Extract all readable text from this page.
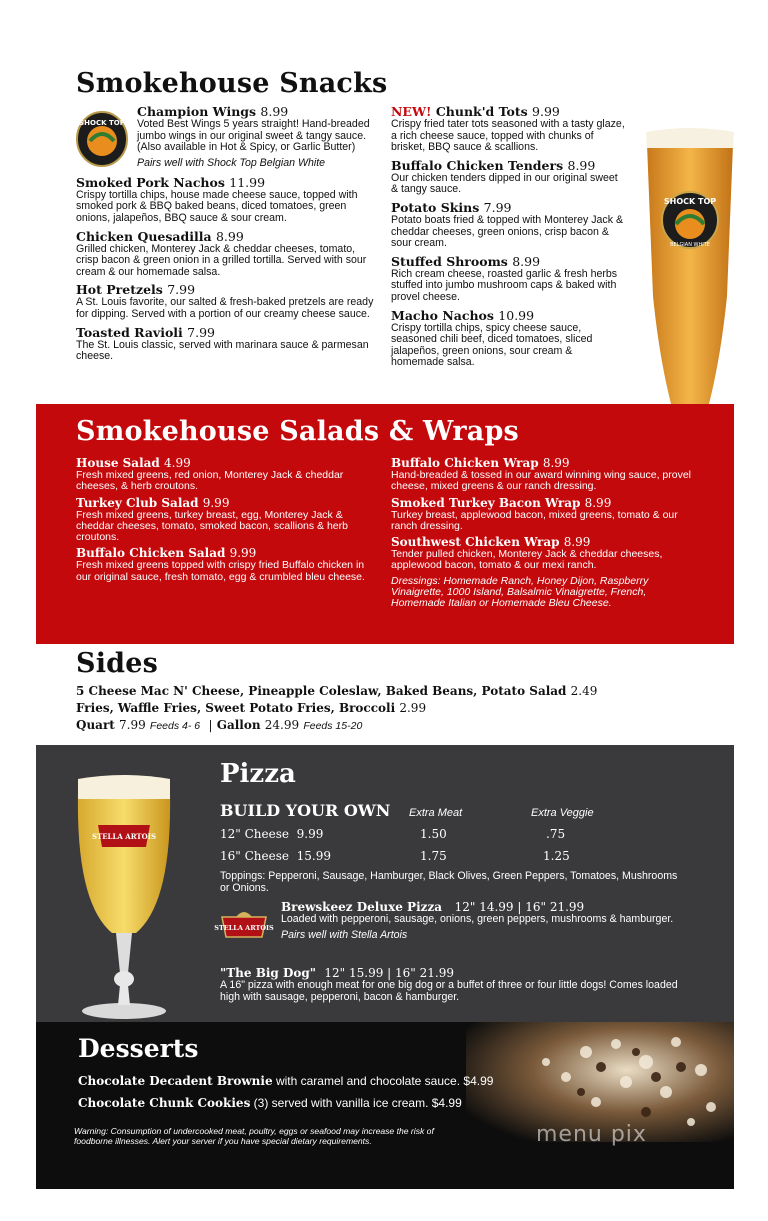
Smokehouse Snacks
SHOCK TOP
Champion Wings 8.99
Voted Best Wings 5 years straight! Hand-breaded jumbo wings in our original sweet & tangy sauce. (Also available in Hot & Spicy, or Garlic Butter)
Pairs well with Shock Top Belgian White
Smoked Pork Nachos 11.99
Crispy tortilla chips, house made cheese sauce, topped with smoked pork & BBQ baked beans, diced tomatoes, green onions, jalapeños, BBQ sauce & sour cream.
Chicken Quesadilla 8.99
Grilled chicken, Monterey Jack & cheddar cheeses, tomato, crisp bacon & green onion in a grilled tortilla. Served with sour cream & our homemade salsa.
Hot Pretzels 7.99
A St. Louis favorite, our salted & fresh-baked pretzels are ready for dipping. Served with a portion of our creamy cheese sauce.
Toasted Ravioli 7.99
The St. Louis classic, served with marinara sauce & parmesan cheese.
NEW! Chunk'd Tots 9.99
Crispy fried tater tots seasoned with a tasty glaze, a rich cheese sauce, topped with chunks of brisket, BBQ sauce & scallions.
Buffalo Chicken Tenders 8.99
Our chicken tenders dipped in our original sweet & tangy sauce.
Potato Skins 7.99
Potato boats fried & topped with Monterey Jack & cheddar cheeses, green onions, crisp bacon & sour cream.
Stuffed Shrooms 8.99
Rich cream cheese, roasted garlic & fresh herbs stuffed into jumbo mushroom caps & baked with provel cheese.
Macho Nachos 10.99
Crispy tortilla chips, spicy cheese sauce, seasoned chili beef, diced tomatoes, sliced jalapeños, green onions, sour cream & homemade salsa.
SHOCK TOP
BELGIAN WHITE
Smokehouse Salads & Wraps
House Salad 4.99
Fresh mixed greens, red onion, Monterey Jack & cheddar cheeses, & herb croutons.
Turkey Club Salad 9.99
Fresh mixed greens, turkey breast, egg, Monterey Jack & cheddar cheeses, tomato, smoked bacon, scallions & herb croutons.
Buffalo Chicken Salad 9.99
Fresh mixed greens topped with crispy fried Buffalo chicken in our original sauce, fresh tomato, egg & crumbled bleu cheese.
Buffalo Chicken Wrap 8.99
Hand-breaded & tossed in our award winning wing sauce, provel cheese, mixed greens & our ranch dressing.
Smoked Turkey Bacon Wrap 8.99
Turkey breast, applewood bacon, mixed greens, tomato & our ranch dressing.
Southwest Chicken Wrap 8.99
Tender pulled chicken, Monterey Jack & cheddar cheeses, applewood bacon, tomato & our mexi ranch.
Dressings: Homemade Ranch, Honey Dijon, Raspberry Vinaigrette, 1000 Island, Balsalmic Vinaigrette, French, Homemade Italian or Homemade Bleu Cheese.
Sides
5 Cheese Mac N' Cheese, Pineapple Coleslaw, Baked Beans, Potato Salad 2.49
Fries, Waffle Fries, Sweet Potato Fries, Broccoli 2.99
Quart 7.99 Feeds 4- 6 | Gallon 24.99 Feeds 15-20
STELLA ARTOIS
Pizza
BUILD YOUR OWN Extra Meat	Extra Veggie
12" Cheese 9.99	1.50	.75
16" Cheese 15.99	1.75	1.25
Toppings: Pepperoni, Sausage, Hamburger, Black Olives, Green Peppers, Tomatoes, Mushrooms or Onions.
STELLA ARTOIS
Brewskeez Deluxe Pizza 12" 14.99 | 16" 21.99
Loaded with pepperoni, sausage, onions, green peppers, mushrooms & hamburger.
Pairs well with Stella Artois
"The Big Dog" 12" 15.99 | 16" 21.99
A 16" pizza with enough meat for one big dog or a buffet of three or four little dogs! Comes loaded high with sausage, pepperoni, bacon & hamburger.
Desserts
Chocolate Decadent Brownie with caramel and chocolate sauce. $4.99
Chocolate Chunk Cookies (3) served with vanilla ice cream. $4.99
Warning: Consumption of undercooked meat, poultry, eggs or seafood may increase the risk of foodborne illnesses. Alert your server if you have special dietary requirements.	menu pix
